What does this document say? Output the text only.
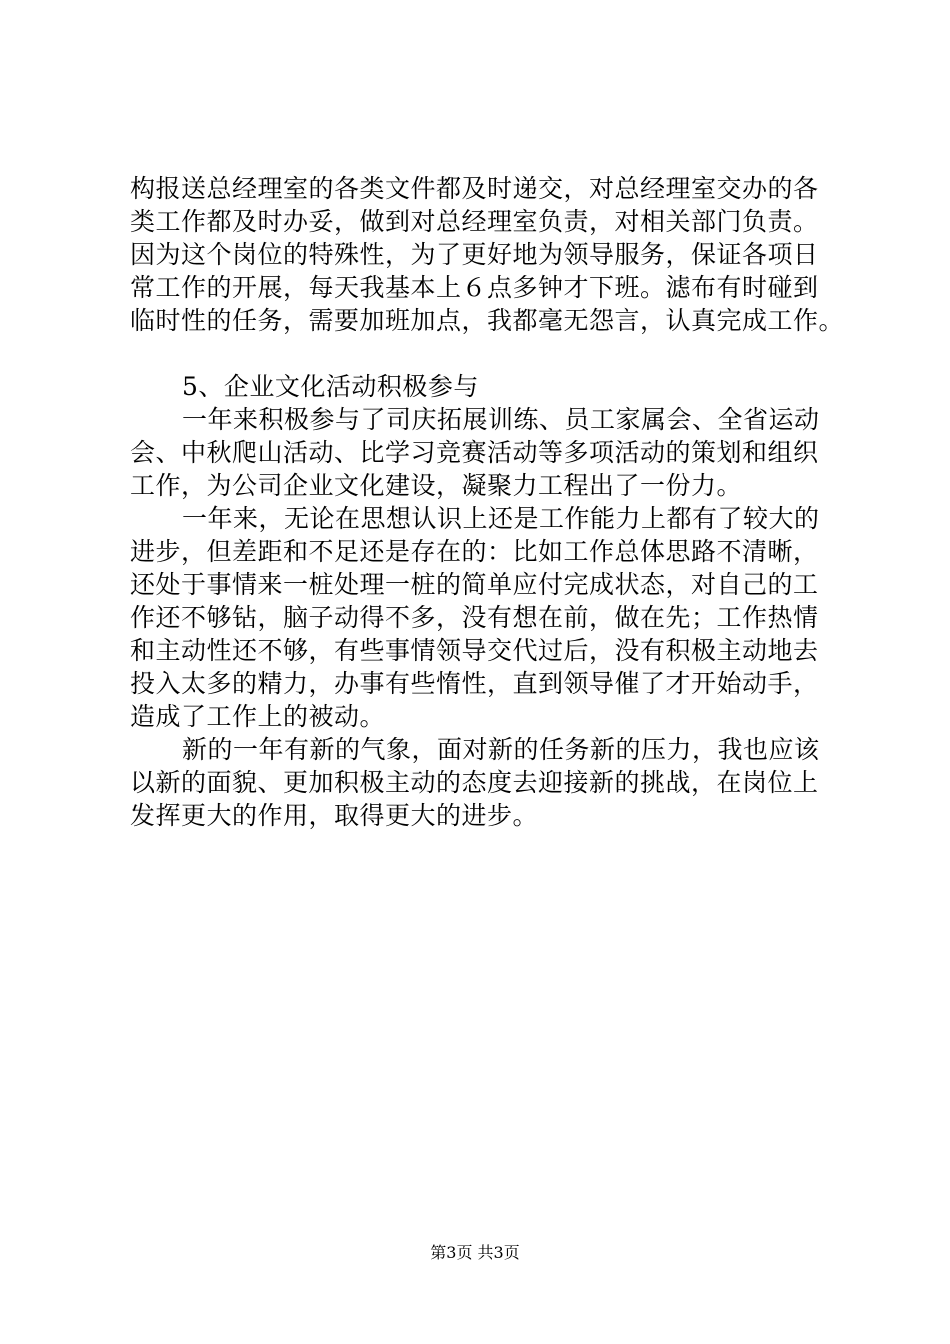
构报送总经理室的各类文件都及时递交，对总经理室交办的各
类工作都及时办妥，做到对总经理室负责，对相关部门负责。
因为这个岗位的特殊性，为了更好地为领导服务，保证各项日
常工作的开展，每天我基本上６点多钟才下班。滤布有时碰到
临时性的任务，需要加班加点，我都毫无怨言，认真完成工作。
5、企业文化活动积极参与
一年来积极参与了司庆拓展训练、员工家属会、全省运动
会、中秋爬山活动、比学习竞赛活动等多项活动的策划和组织
工作，为公司企业文化建设，凝聚力工程出了一份力。
一年来，无论在思想认识上还是工作能力上都有了较大的
进步，但差距和不足还是存在的：比如工作总体思路不清晰，
还处于事情来一桩处理一桩的简单应付完成状态，对自己的工
作还不够钻，脑子动得不多，没有想在前，做在先；工作热情
和主动性还不够，有些事情领导交代过后，没有积极主动地去
投入太多的精力，办事有些惰性，直到领导催了才开始动手，
造成了工作上的被动。
新的一年有新的气象，面对新的任务新的压力，我也应该
以新的面貌、更加积极主动的态度去迎接新的挑战，在岗位上
发挥更大的作用，取得更大的进步。
第3页 共3页
